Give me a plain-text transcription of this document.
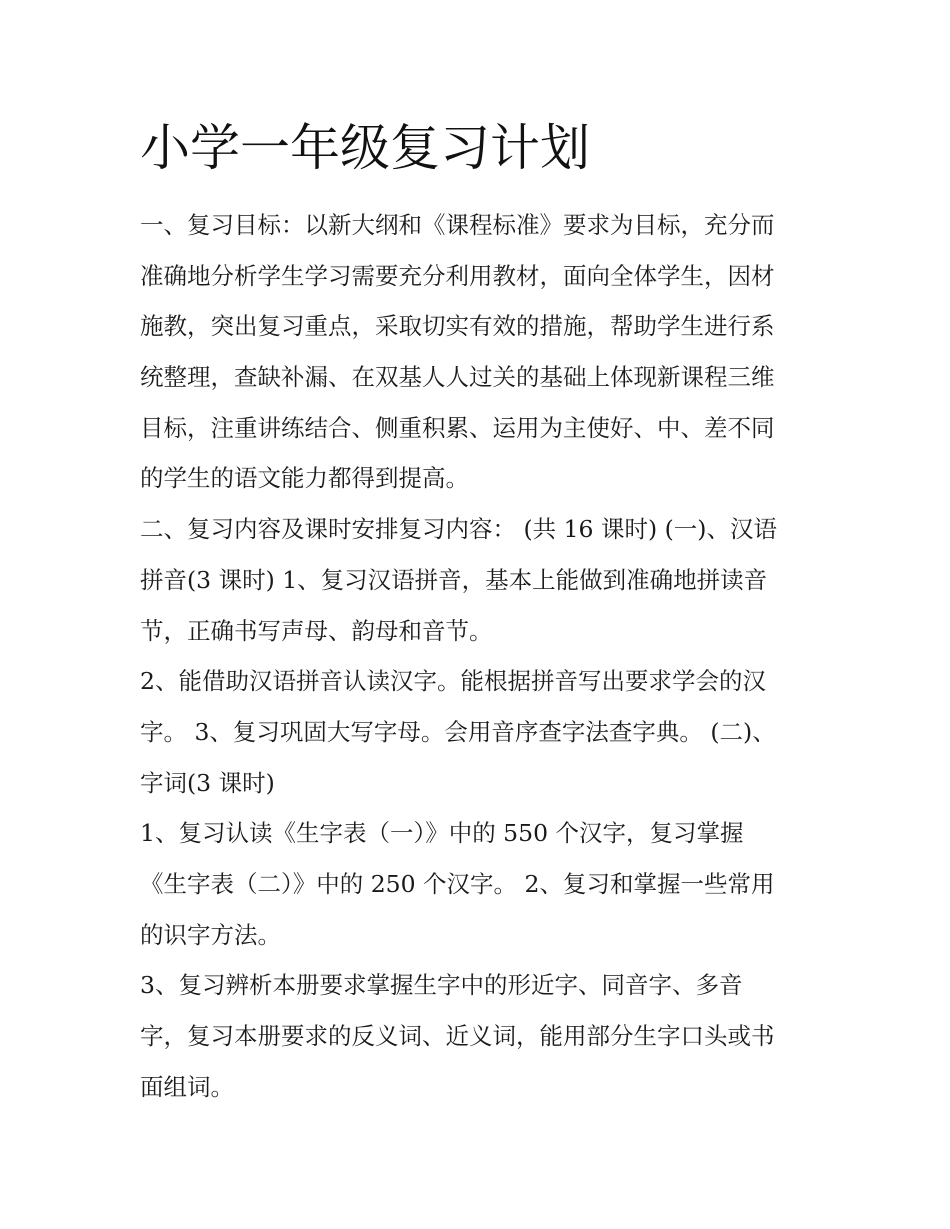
小学一年级复习计划
一、复习目标：以新大纲和《课程标准》要求为目标，充分而
准确地分析学生学习需要充分利用教材，面向全体学生，因材
施教，突出复习重点，采取切实有效的措施，帮助学生进行系
统整理，查缺补漏、在双基人人过关的基础上体现新课程三维
目标，注重讲练结合、侧重积累、运用为主使好、中、差不同
的学生的语文能力都得到提高。
二、复习内容及课时安排复习内容： (共 16 课时) (一)、汉语
拼音(3 课时) 1、复习汉语拼音，基本上能做到准确地拼读音
节，正确书写声母、韵母和音节。
2、能借助汉语拼音认读汉字。能根据拼音写出要求学会的汉
字。 3、复习巩固大写字母。会用音序查字法查字典。 (二)、
字词(3 课时)
1、复习认读《生字表（一）》中的 550 个汉字，复习掌握
《生字表（二）》中的 250 个汉字。 2、复习和掌握一些常用
的识字方法。
3、复习辨析本册要求掌握生字中的形近字、同音字、多音
字，复习本册要求的反义词、近义词，能用部分生字口头或书
面组词。
